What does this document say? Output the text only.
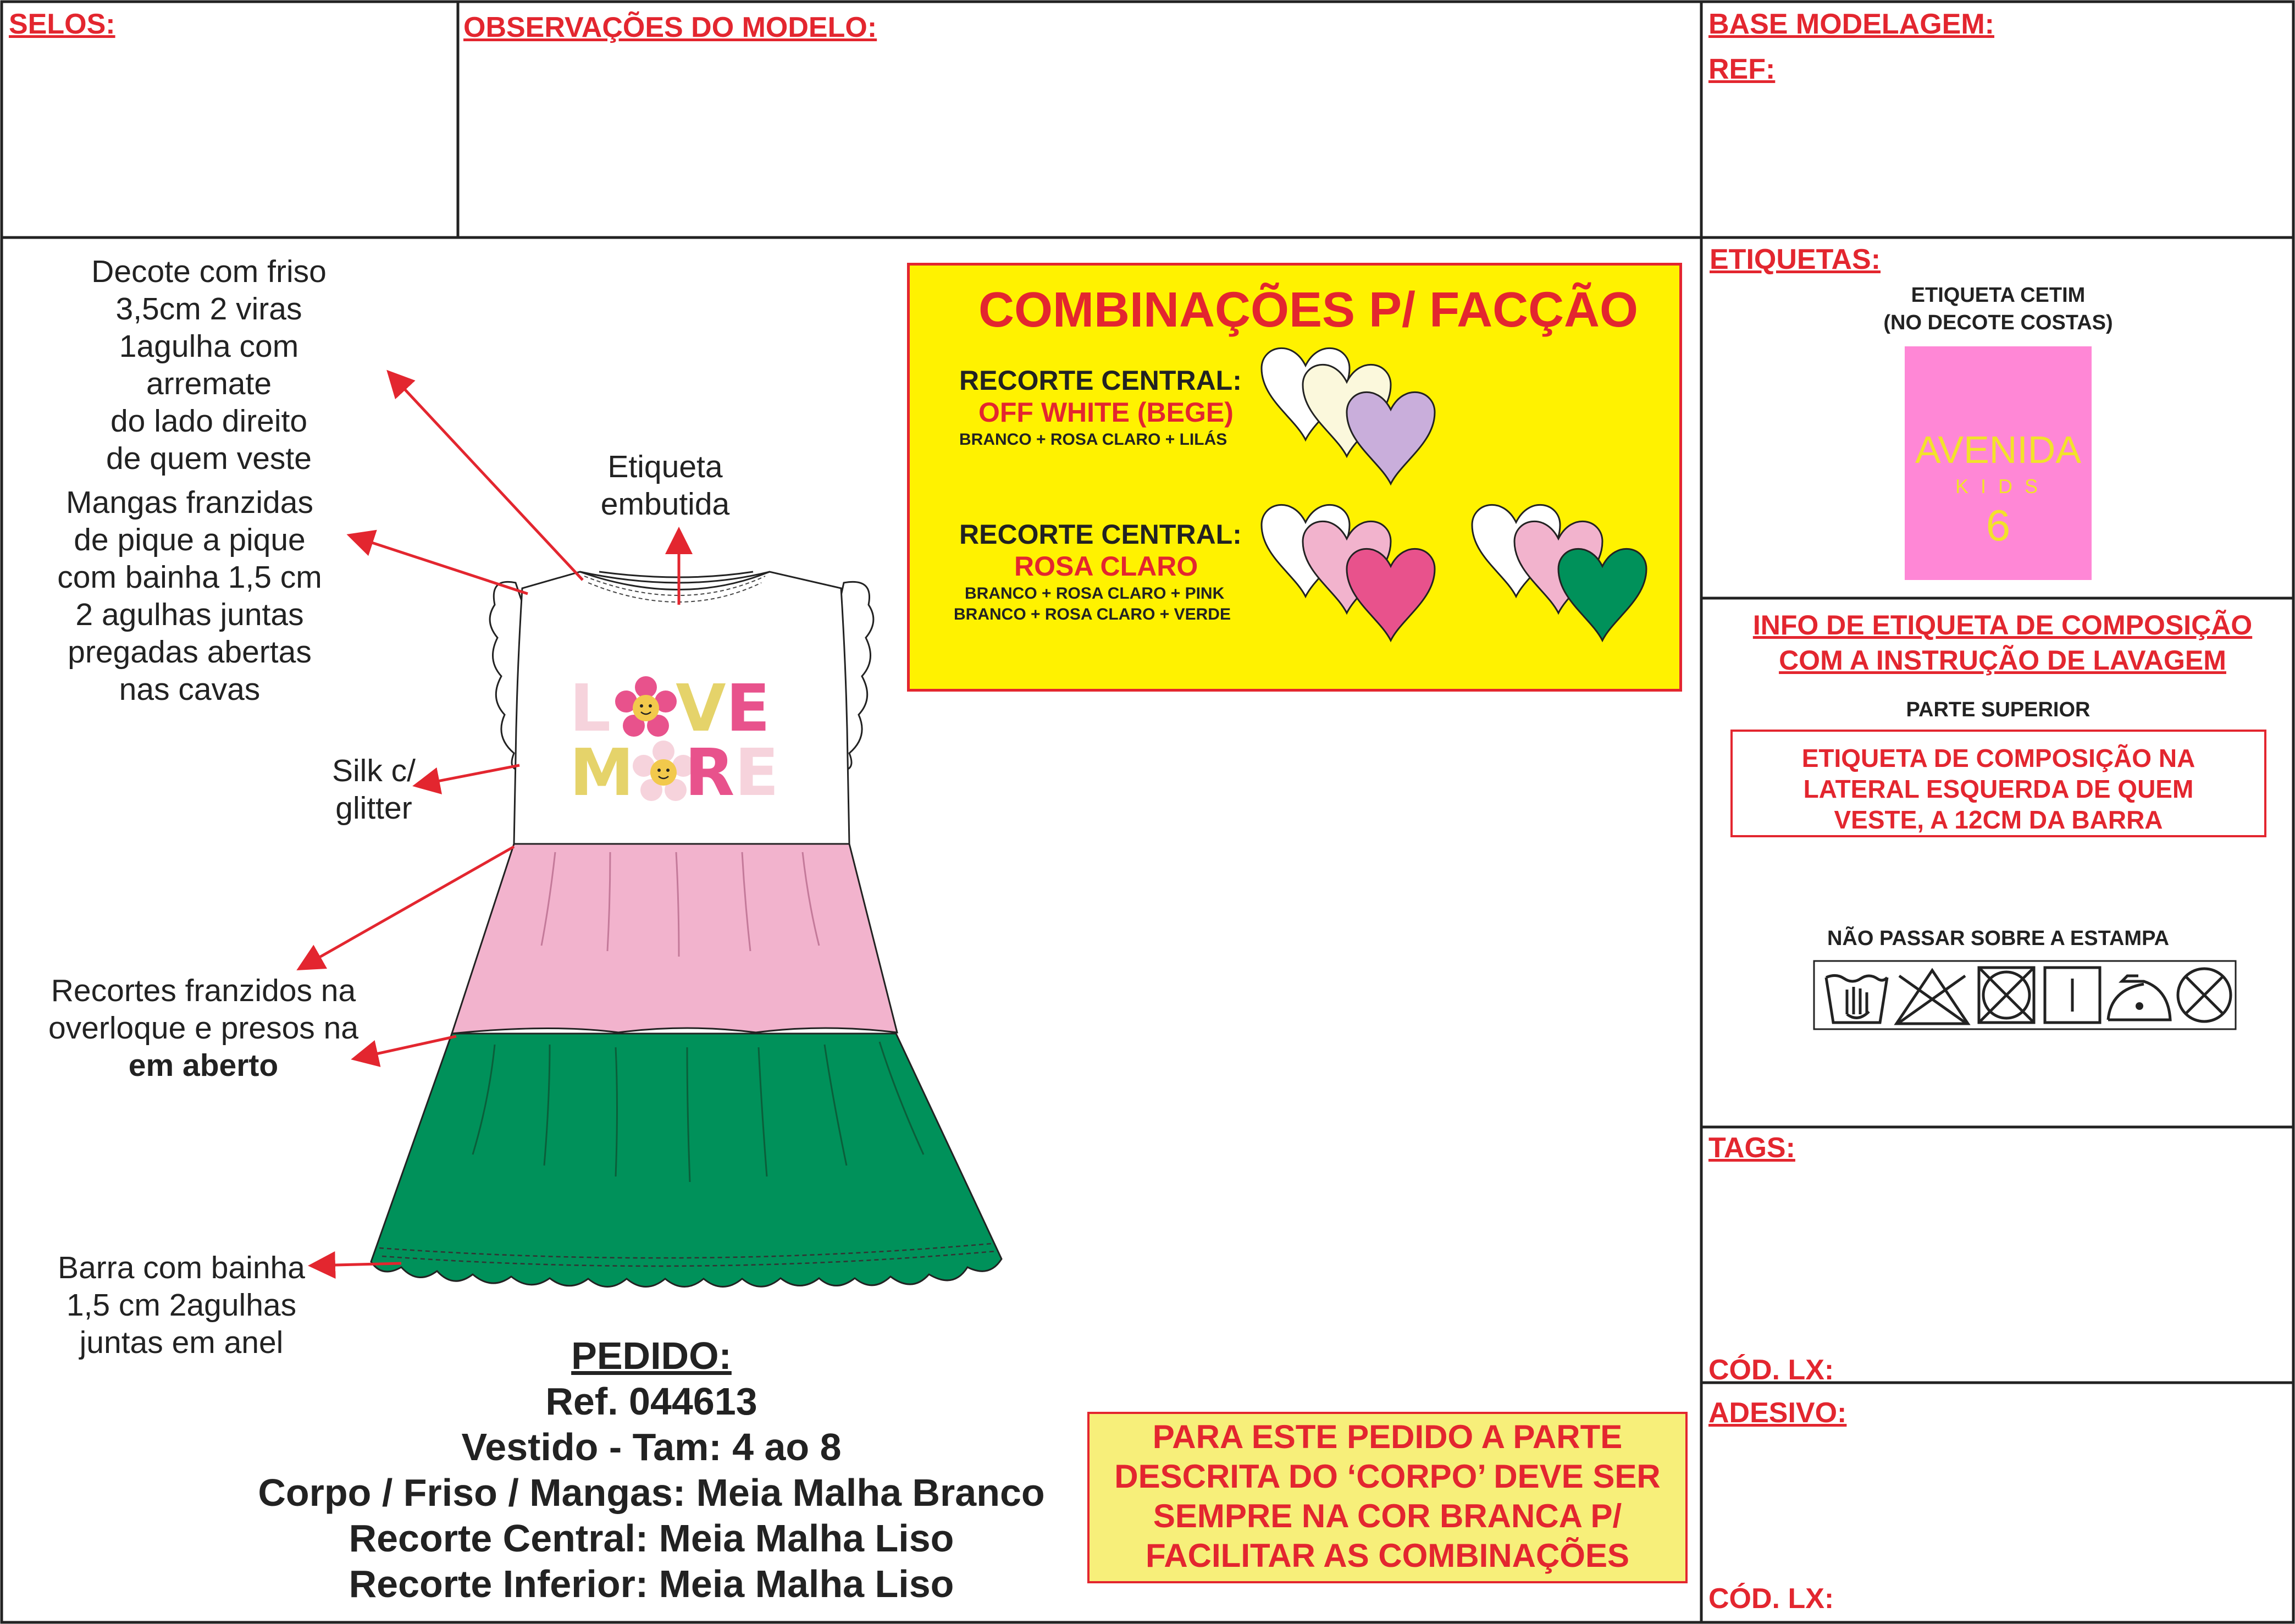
SELOS:	OBSERVAÇÕES DO MODELO:	BASE MODELAGEM:
REF:
L VE
M RE
Decote com friso
3,5cm 2 viras
1agulha com arremate
do lado direito
de quem veste	Etiqueta
embutida
Mangas franzidas
de pique a pique
com bainha 1,5 cm
2 agulhas juntas
pregadas abertas
nas cavas
Silk c/
glitter
Recortes franzidos na
overloque e presos na
em aberto
Barra com bainha
1,5 cm 2agulhas
juntas em anel
COMBINAÇÕES P/ FACÇÃO
RECORTE CENTRAL:
OFF WHITE (BEGE)
BRANCO + ROSA CLARO + LILÁS
RECORTE CENTRAL:
ROSA CLARO
BRANCO + ROSA CLARO + PINK
BRANCO + ROSA CLARO + VERDE
PEDIDO:
Ref. 044613
Vestido - Tam: 4 ao 8
Corpo / Friso / Mangas: Meia Malha Branco
Recorte Central: Meia Malha Liso
Recorte Inferior: Meia Malha Liso
PARA ESTE PEDIDO A PARTE
DESCRITA DO ‘CORPO’ DEVE SER
SEMPRE NA COR BRANCA P/
FACILITAR AS COMBINAÇÕES
ETIQUETAS:
ETIQUETA CETIM
(NO DECOTE COSTAS)
AVENIDA
K I D S
6
INFO DE ETIQUETA DE COMPOSIÇÃO
COM A INSTRUÇÃO DE LAVAGEM
PARTE SUPERIOR
ETIQUETA DE COMPOSIÇÃO NA
LATERAL ESQUERDA DE QUEM
VESTE, A 12CM DA BARRA
NÃO PASSAR SOBRE A ESTAMPA
TAGS:
CÓD. LX:
ADESIVO:
CÓD. LX:
